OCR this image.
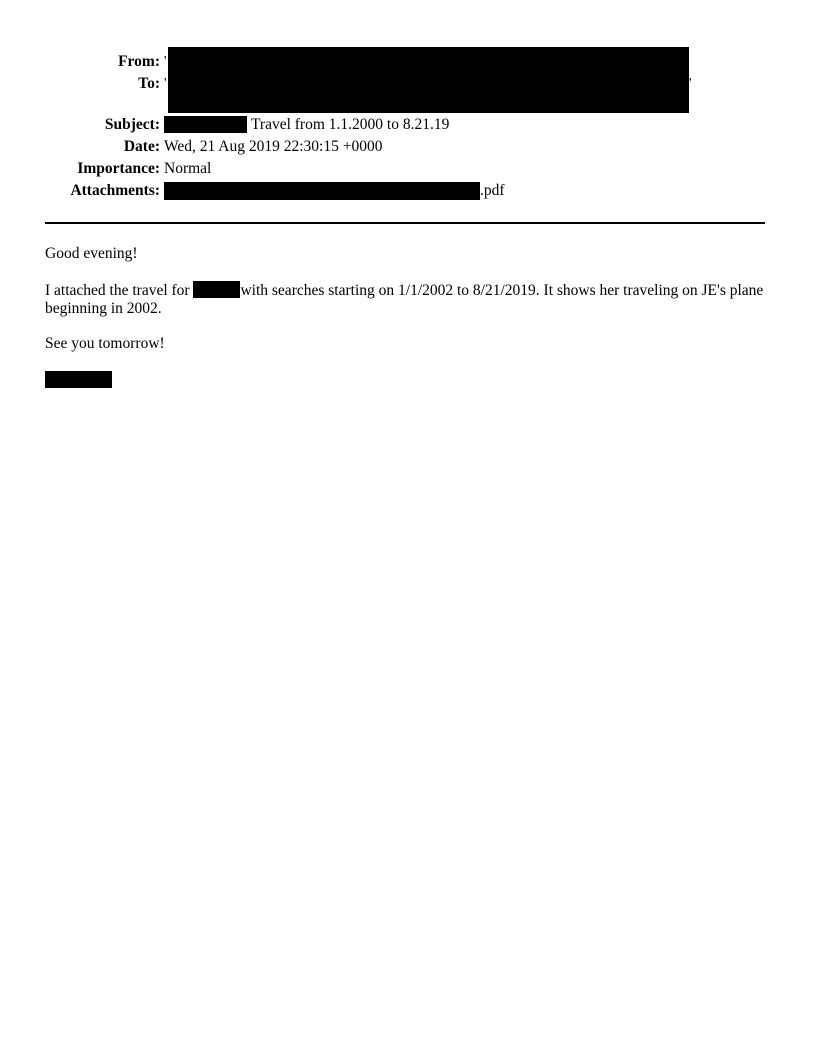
From: '
To: '	'
Subject:	Travel from 1.1.2000 to 8.21.19
Date: Wed, 21 Aug 2019 22:30:15 +0000
Importance: Normal
Attachments:	.pdf
Good evening!
I attached the travel for	with searches starting on 1/1/2002 to 8/21/2019. It shows her traveling on JE's plane beginning in 2002.
See you tomorrow!
